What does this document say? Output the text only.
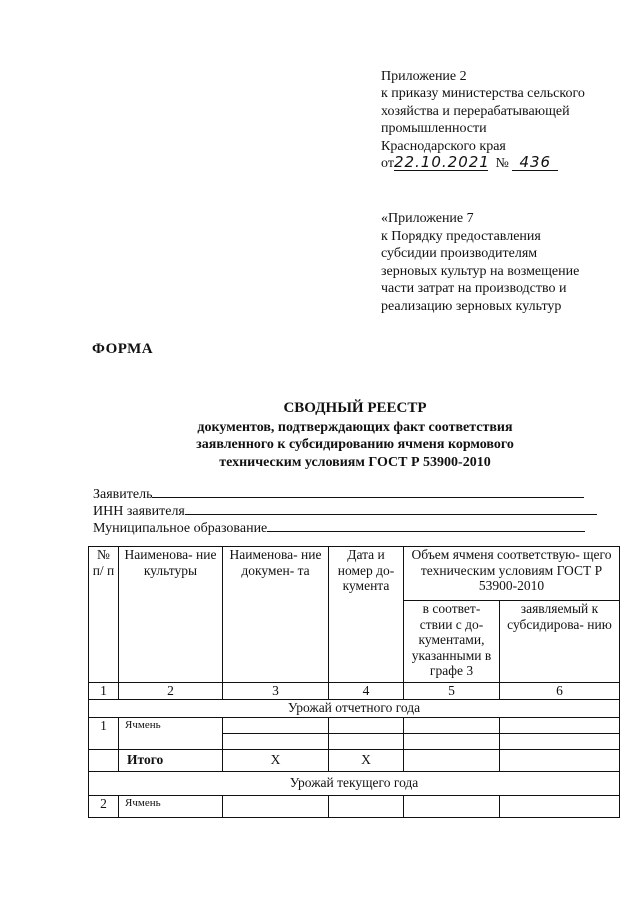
Приложение 2
к приказу министерства сельского
хозяйства и перерабатывающей
промышленности
Краснодарского края
от22.10.2021 № 436
«Приложение 7
к Порядку предоставления
субсидии производителям
зерновых культур на возмещение
части затрат на производство и
реализацию зерновых культур
ФОРМА
СВОДНЫЙ РЕЕСТР
документов, подтверждающих факт соответствия
заявленного к субсидированию ячменя кормового
техническим условиям ГОСТ Р 53900-2010
Заявитель
ИНН заявителя
Муниципальное образование
№ п/ п	Наименова- ние культуры	Наименова- ние докумен- та	Дата и номер до- кумента	Объем ячменя соответствую- щего техническим условиям ГОСТ Р 53900-2010	
				в соответ- ствии с до- кументами, указанными в графе 3	заявляемый к субсидирова- нию
1	2	3	4	5	6
Урожай отчетного года					
1	Ячмень				

	Итого	X	X		
Урожай текущего года					
2	Ячмень				
